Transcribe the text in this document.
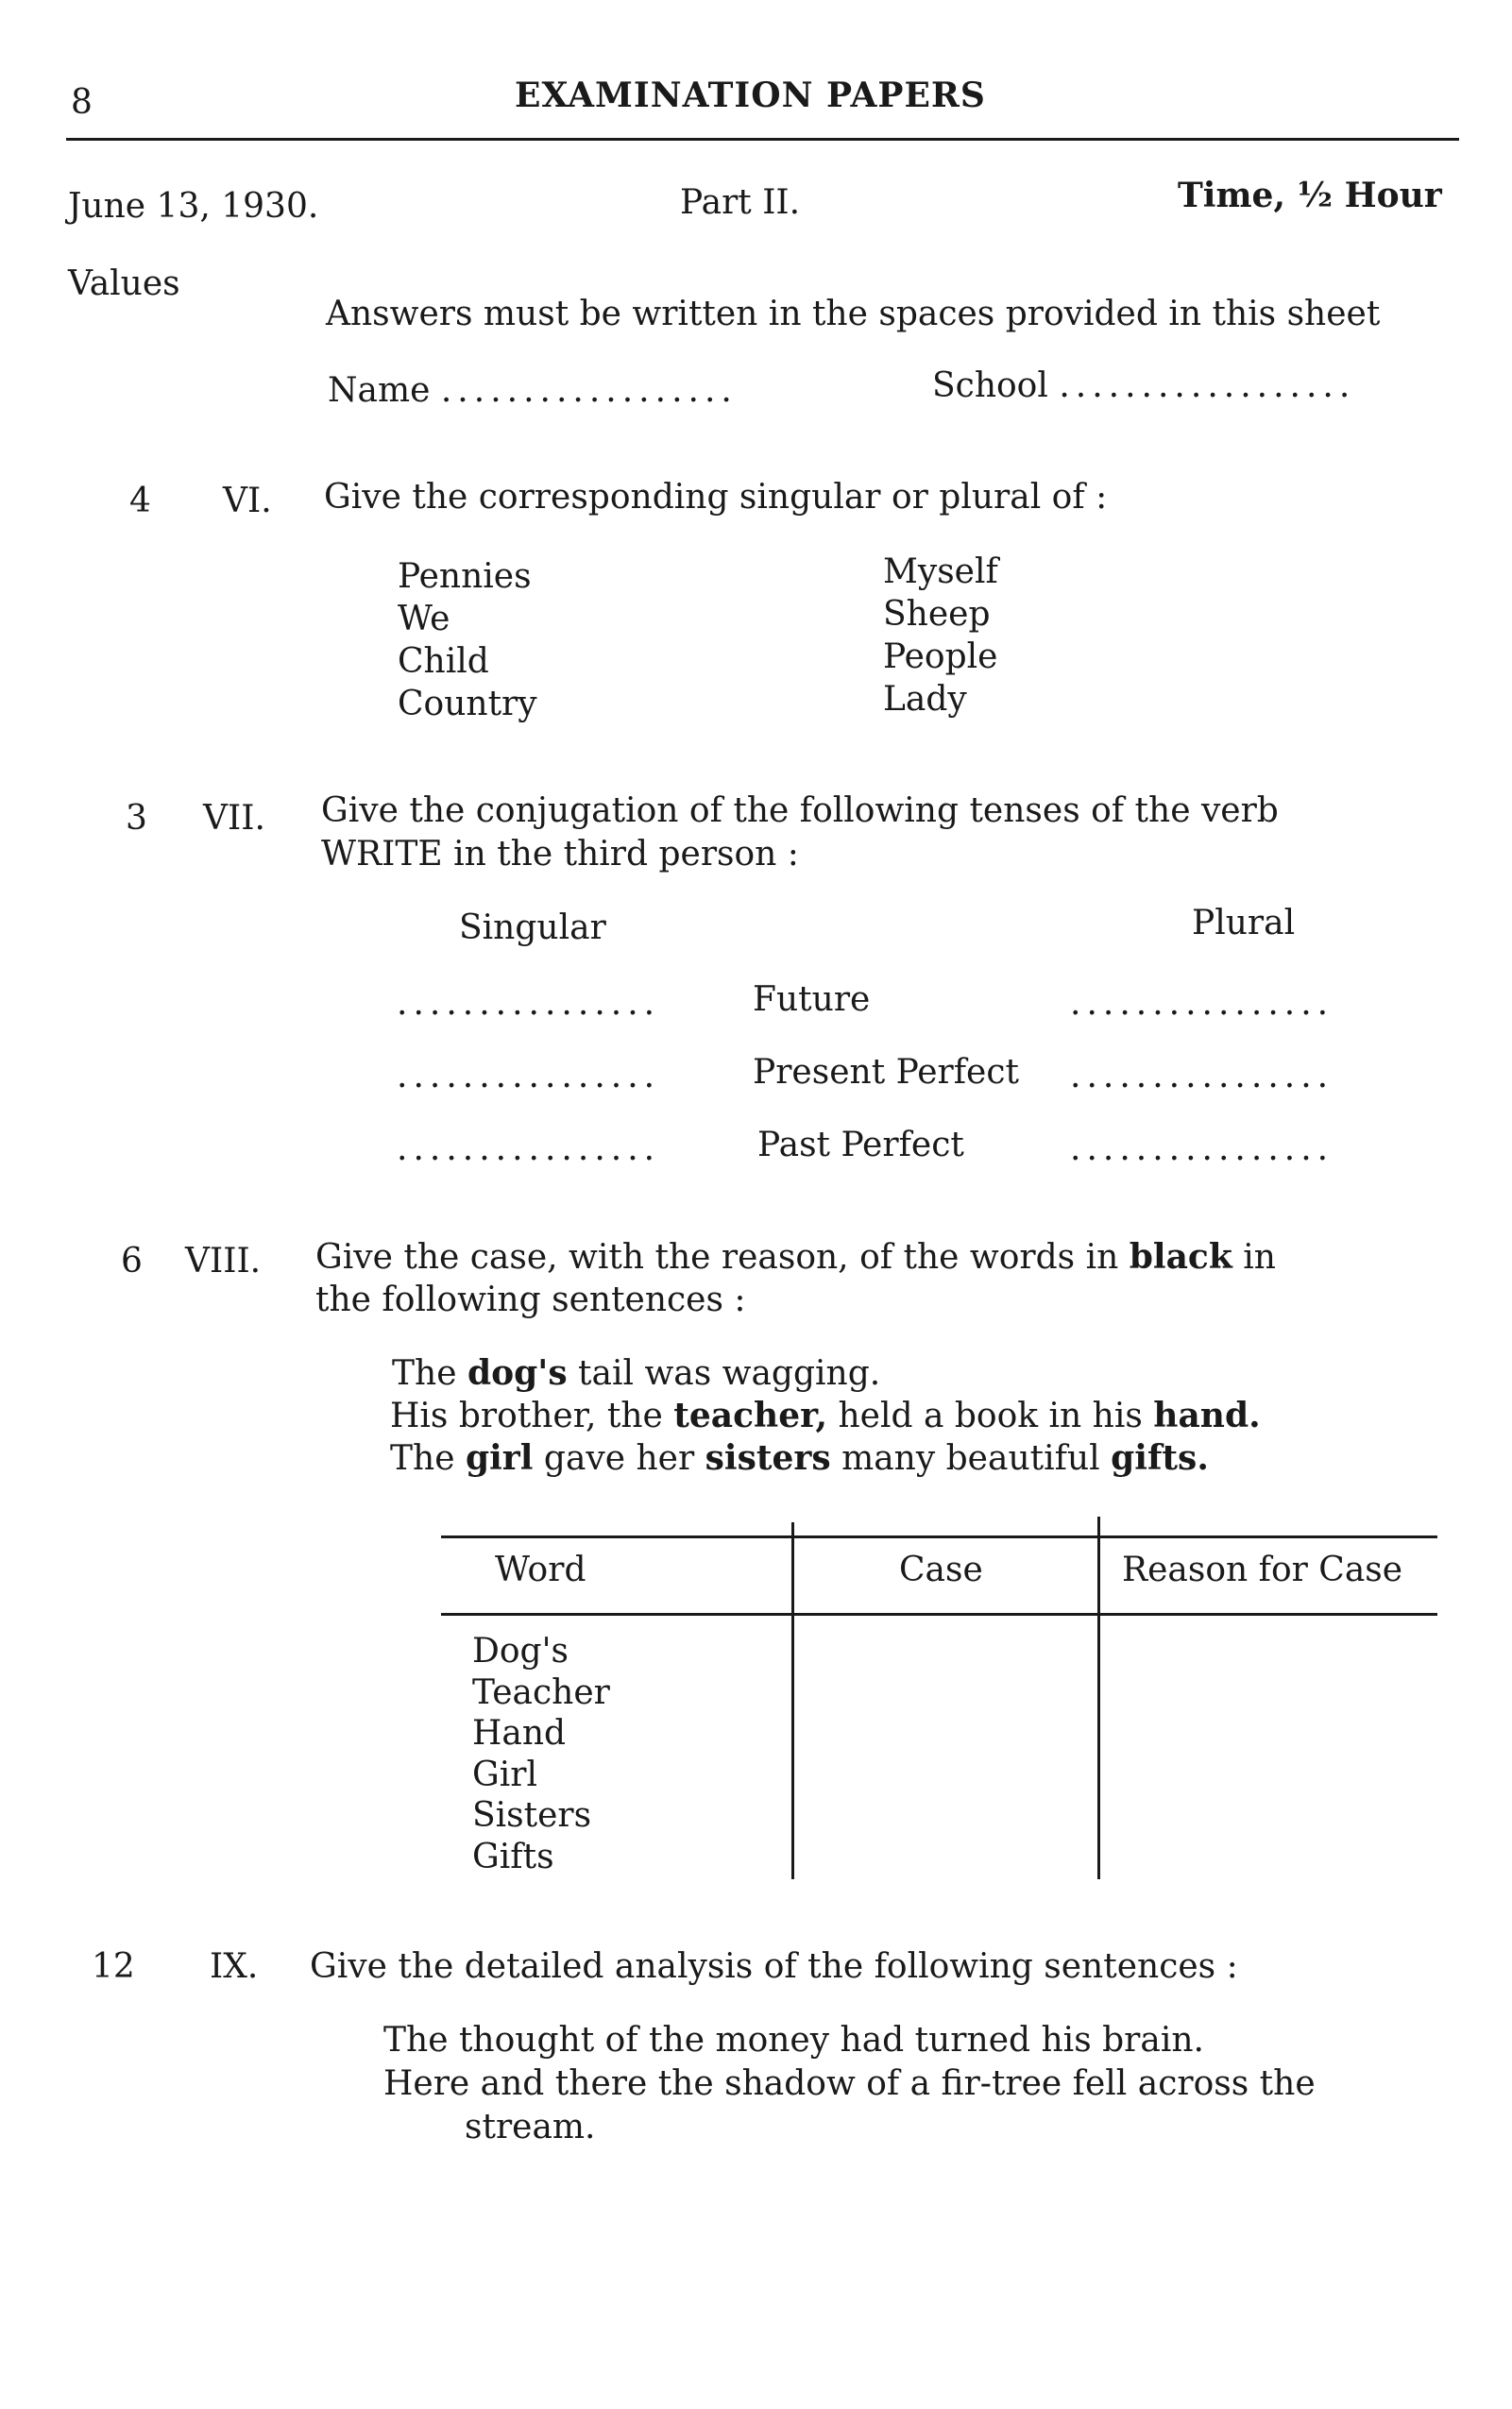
8	EXAMINATION PAPERS
June 13, 1930.	Part II.	Time, ½ Hour
Values
Answers must be written in the spaces provided in this sheet
Name ..................	School ..................
4 VI. Give the corresponding singular or plural of :
Pennies
We
Child
Country
Myself
Sheep
People
Lady
3 VII. Give the conjugation of the following tenses of the verb
WRITE in the third person :
Singular	Plural
................	Future	................
................	Present Perfect ................
................	Past Perfect	................
6 VIII. Give the case, with the reason, of the words in black in
the following sentences :
The dog's tail was wagging.
His brother, the teacher, held a book in his hand.
The girl gave her sisters many beautiful gifts.
Word	Case	Reason for Case
Dog's
Teacher
Hand
Girl
Sisters
Gifts
12 IX. Give the detailed analysis of the following sentences :
The thought of the money had turned his brain.
Here and there the shadow of a fir-tree fell across the
stream.
